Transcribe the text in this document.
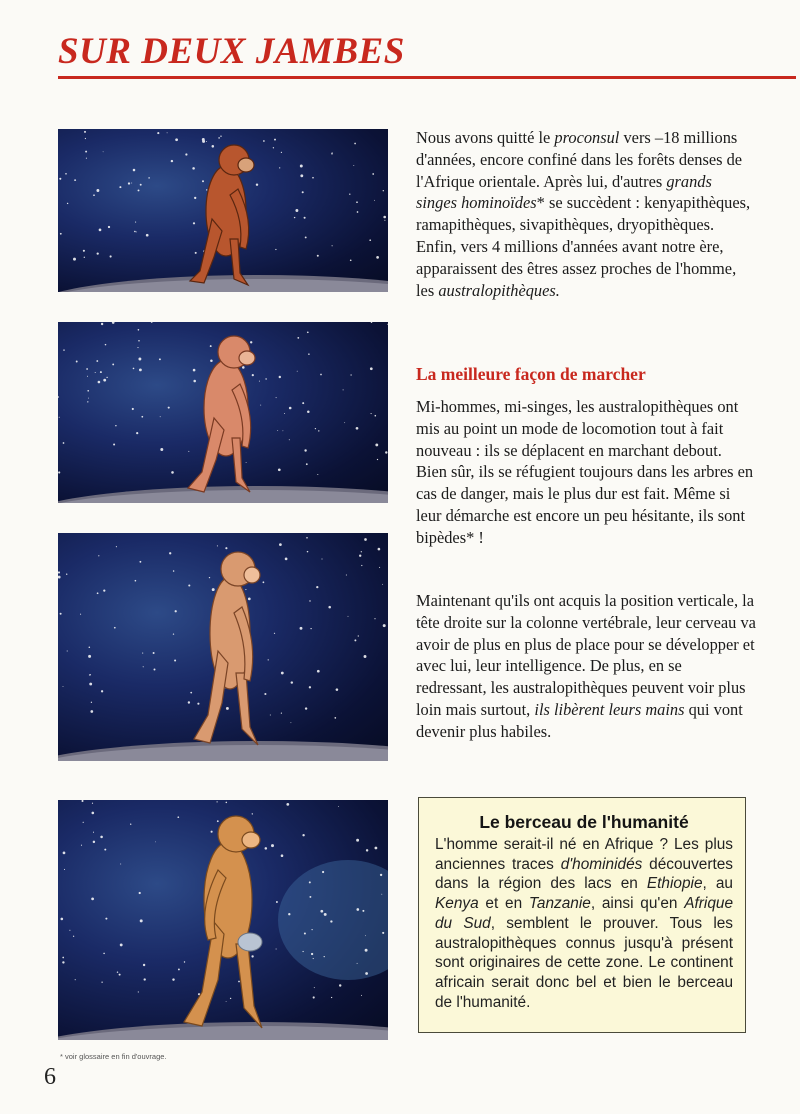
SUR DEUX JAMBES

Nous avons quitté le proconsul vers –18 millions d'années, encore confiné dans les forêts denses de l'Afrique orientale. Après lui, d'autres grands singes hominoïdes* se succèdent : kenyapithèques, ramapithèques, sivapithèques, dryopithèques. Enfin, vers 4 millions d'années avant notre ère, apparaissent des êtres assez proches de l'homme, les australopithèques.

La meilleure façon de marcher

Mi-hommes, mi-singes, les australopithèques ont mis au point un mode de locomotion tout à fait nouveau : ils se déplacent en marchant debout. Bien sûr, ils se réfugient toujours dans les arbres en cas de danger, mais le plus dur est fait. Même si leur démarche est encore un peu hésitante, ils sont bipèdes* !

Maintenant qu'ils ont acquis la position verticale, la tête droite sur la colonne vertébrale, leur cerveau va avoir de plus en plus de place pour se développer et avec lui, leur intelligence. De plus, en se redressant, les australopithèques peuvent voir plus loin mais surtout, ils libèrent leurs mains qui vont devenir plus habiles.

Le berceau de l'humanité

L'homme serait-il né en Afrique ? Les plus anciennes traces d'hominidés découvertes dans la région des lacs en Ethiopie, au Kenya et en Tanzanie, ainsi qu'en Afrique du Sud, semblent le prouver. Tous les australopithèques connus jusqu'à présent sont originaires de cette zone. Le continent africain serait donc bel et bien le berceau de l'humanité.

* voir glossaire en fin d'ouvrage.
6
